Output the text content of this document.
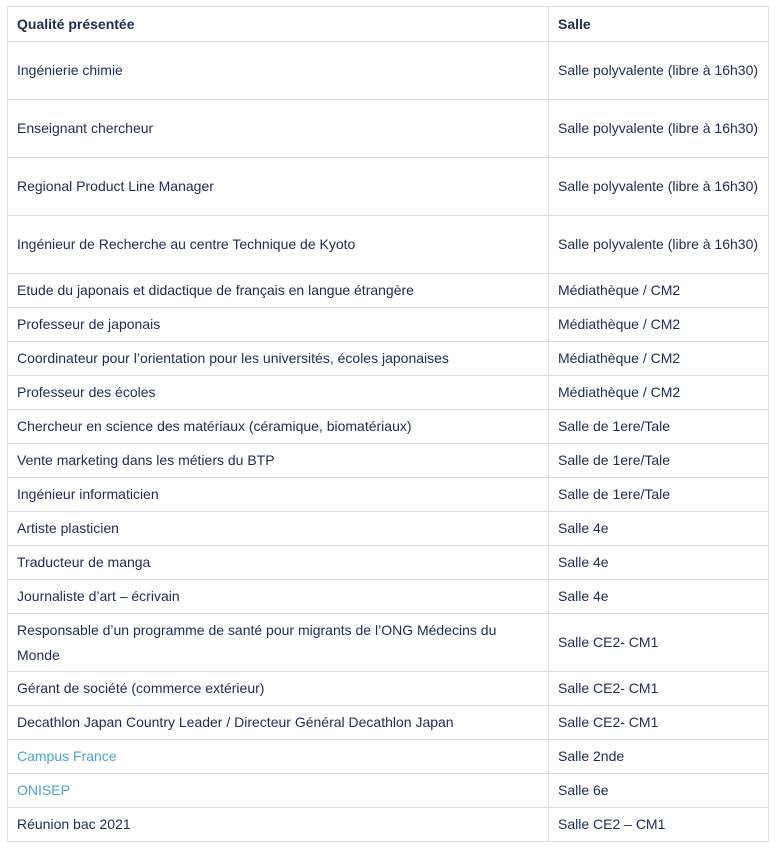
Qualité présentée	Salle
Ingénierie chimie	Salle polyvalente (libre à 16h30)
Enseignant chercheur	Salle polyvalente (libre à 16h30)
Regional Product Line Manager	Salle polyvalente (libre à 16h30)
Ingénieur de Recherche au centre Technique de Kyoto	Salle polyvalente (libre à 16h30)
Etude du japonais et didactique de français en langue étrangère	Médiathèque / CM2
Professeur de japonais	Médiathèque / CM2
Coordinateur pour l’orientation pour les universités, écoles japonaises	Médiathèque / CM2
Professeur des écoles	Médiathèque / CM2
Chercheur en science des matériaux (céramique, biomatériaux)	Salle de 1ere/Tale
Vente marketing dans les métiers du BTP	Salle de 1ere/Tale
Ingénieur informaticien	Salle de 1ere/Tale
Artiste plasticien	Salle 4e
Traducteur de manga	Salle 4e
Journaliste d’art – écrivain	Salle 4e
Responsable d’un programme de santé pour migrants de l’ONG Médecins du Monde	Salle CE2- CM1
Gérant de société (commerce extérieur)	Salle CE2- CM1
Decathlon Japan Country Leader / Directeur Général Decathlon Japan	Salle CE2- CM1
Campus France	Salle 2nde
ONISEP	Salle 6e
Réunion bac 2021	Salle CE2 – CM1
